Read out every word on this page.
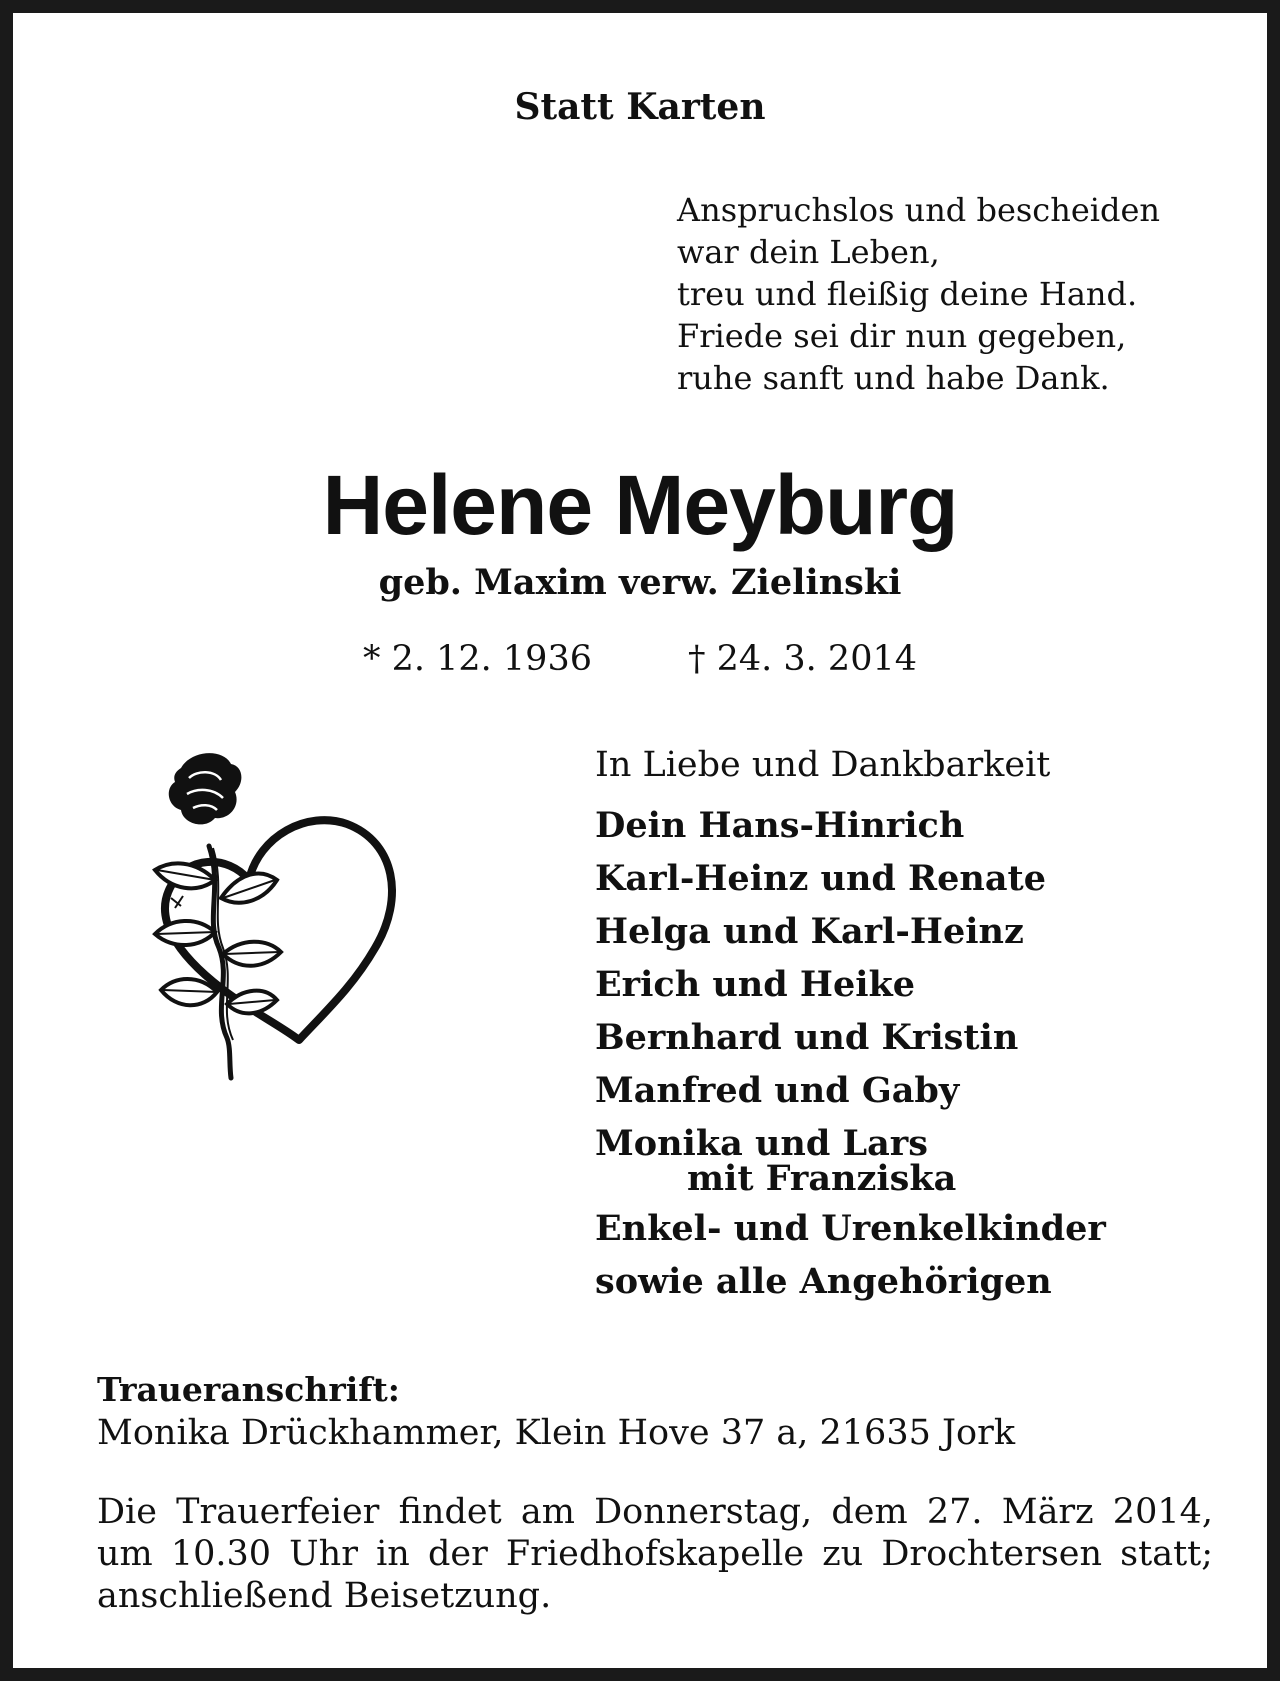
Statt Karten

Anspruchslos und bescheiden
war dein Leben,
treu und fleißig deine Hand.
Friede sei dir nun gegeben,
ruhe sanft und habe Dank.

Helene Meyburg

geb. Maxim verw. Zielinski

* 2. 12. 1936	† 24. 3. 2014

In Liebe und Dankbarkeit

Dein Hans-Hinrich
Karl-Heinz und Renate
Helga und Karl-Heinz
Erich und Heike
Bernhard und Kristin
Manfred und Gaby
Monika und Lars
mit Franziska
Enkel- und Urenkelkinder
sowie alle Angehörigen

Traueranschrift:

Monika Drückhammer, Klein Hove 37 a, 21635 Jork

Die Trauerfeier findet am Donnerstag, dem 27. März 2014, um 10.30 Uhr in der Friedhofskapelle zu Drochtersen statt; anschließend Beisetzung.
